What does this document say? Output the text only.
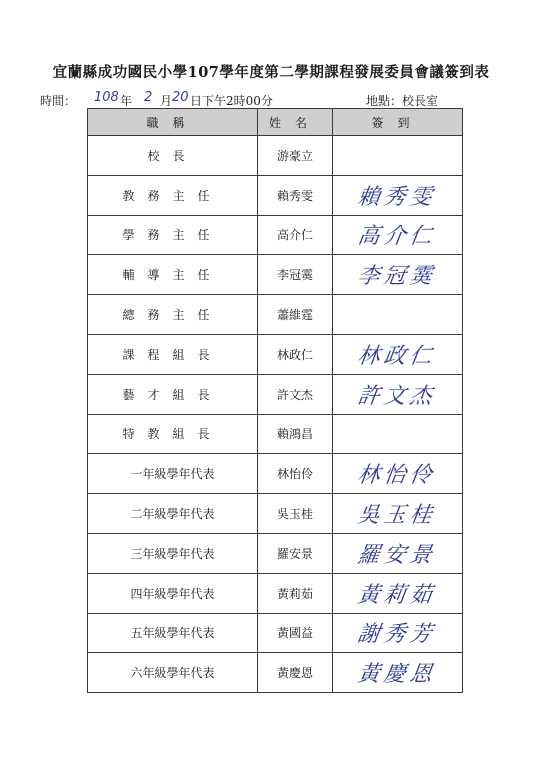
宜蘭縣成功國民小學107學年度第二學期課程發展委員會議簽到表
時間： 108 年 2 月 20 日下午2時00分	地點：校長室
職稱	姓名	簽到
校長	游豪立	
教務主任	賴秀雯	賴秀雯
學務主任	高介仁	高介仁
輔導主任	李冠霙	李冠霙
總務主任	蕭維霆	
課程組長	林政仁	林政仁
藝才組長	許文杰	許文杰
特教組長	賴鴻昌	
一年級學年代表	林怡伶	林怡伶
二年級學年代表	吳玉桂	吳玉桂
三年級學年代表	羅安景	羅安景
四年級學年代表	黃莉茹	黃莉茹
五年級學年代表	黃國益	謝秀芳
六年級學年代表	黃慶恩	黃慶恩
